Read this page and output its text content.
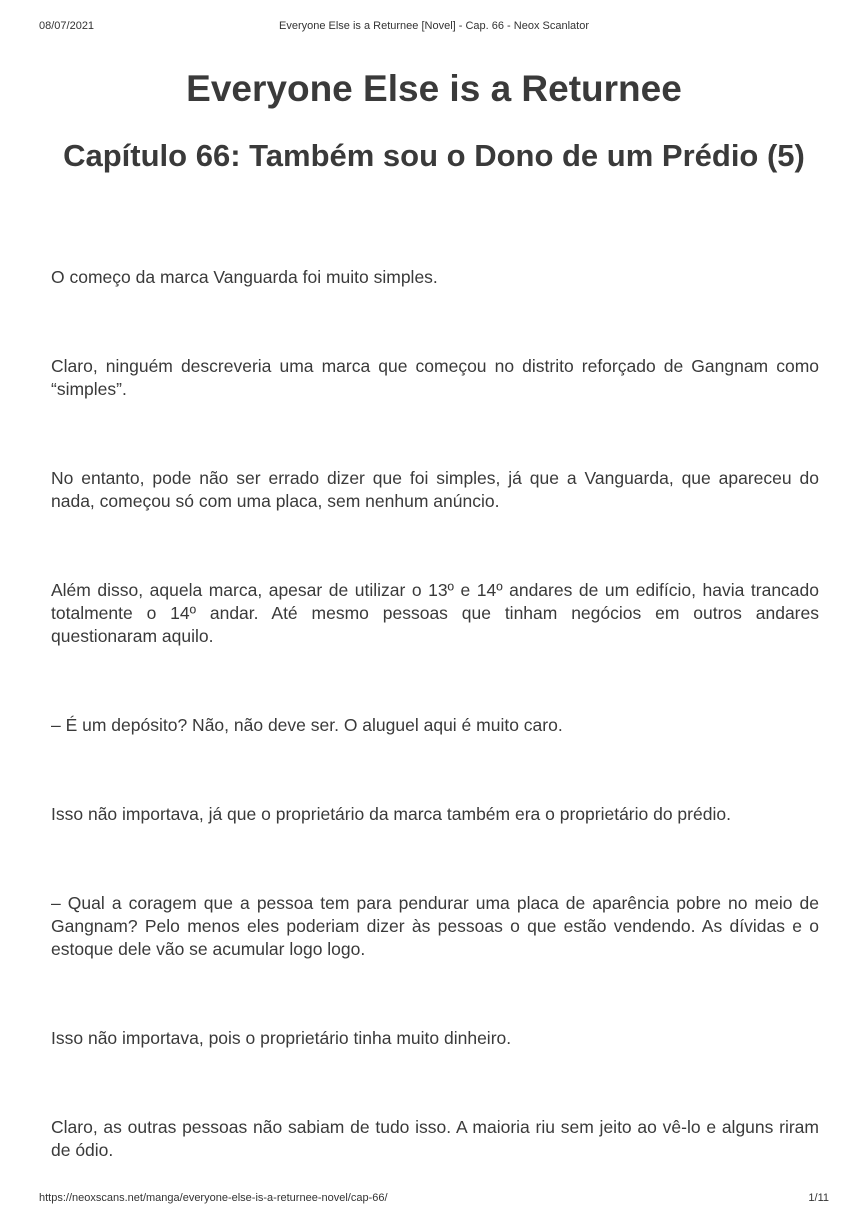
08/07/2021	Everyone Else is a Returnee [Novel] - Cap. 66 - Neox Scanlator
Everyone Else is a Returnee
Capítulo 66: Também sou o Dono de um Prédio (5)

O começo da marca Vanguarda foi muito simples.

Claro, ninguém descreveria uma marca que começou no distrito reforçado de Gangnam como “simples”.

No entanto, pode não ser errado dizer que foi simples, já que a Vanguarda, que apareceu do nada, começou só com uma placa, sem nenhum anúncio.

Além disso, aquela marca, apesar de utilizar o 13º e 14º andares de um edifício, havia trancado totalmente o 14º andar. Até mesmo pessoas que tinham negócios em outros andares questionaram aquilo.

– É um depósito? Não, não deve ser. O aluguel aqui é muito caro.

Isso não importava, já que o proprietário da marca também era o proprietário do prédio.

– Qual a coragem que a pessoa tem para pendurar uma placa de aparência pobre no meio de Gangnam? Pelo menos eles poderiam dizer às pessoas o que estão vendendo. As dívidas e o estoque dele vão se acumular logo logo.

Isso não importava, pois o proprietário tinha muito dinheiro.

Claro, as outras pessoas não sabiam de tudo isso. A maioria riu sem jeito ao vê-lo e alguns riram de ódio.

https://neoxscans.net/manga/everyone-else-is-a-returnee-novel/cap-66/	1/11
